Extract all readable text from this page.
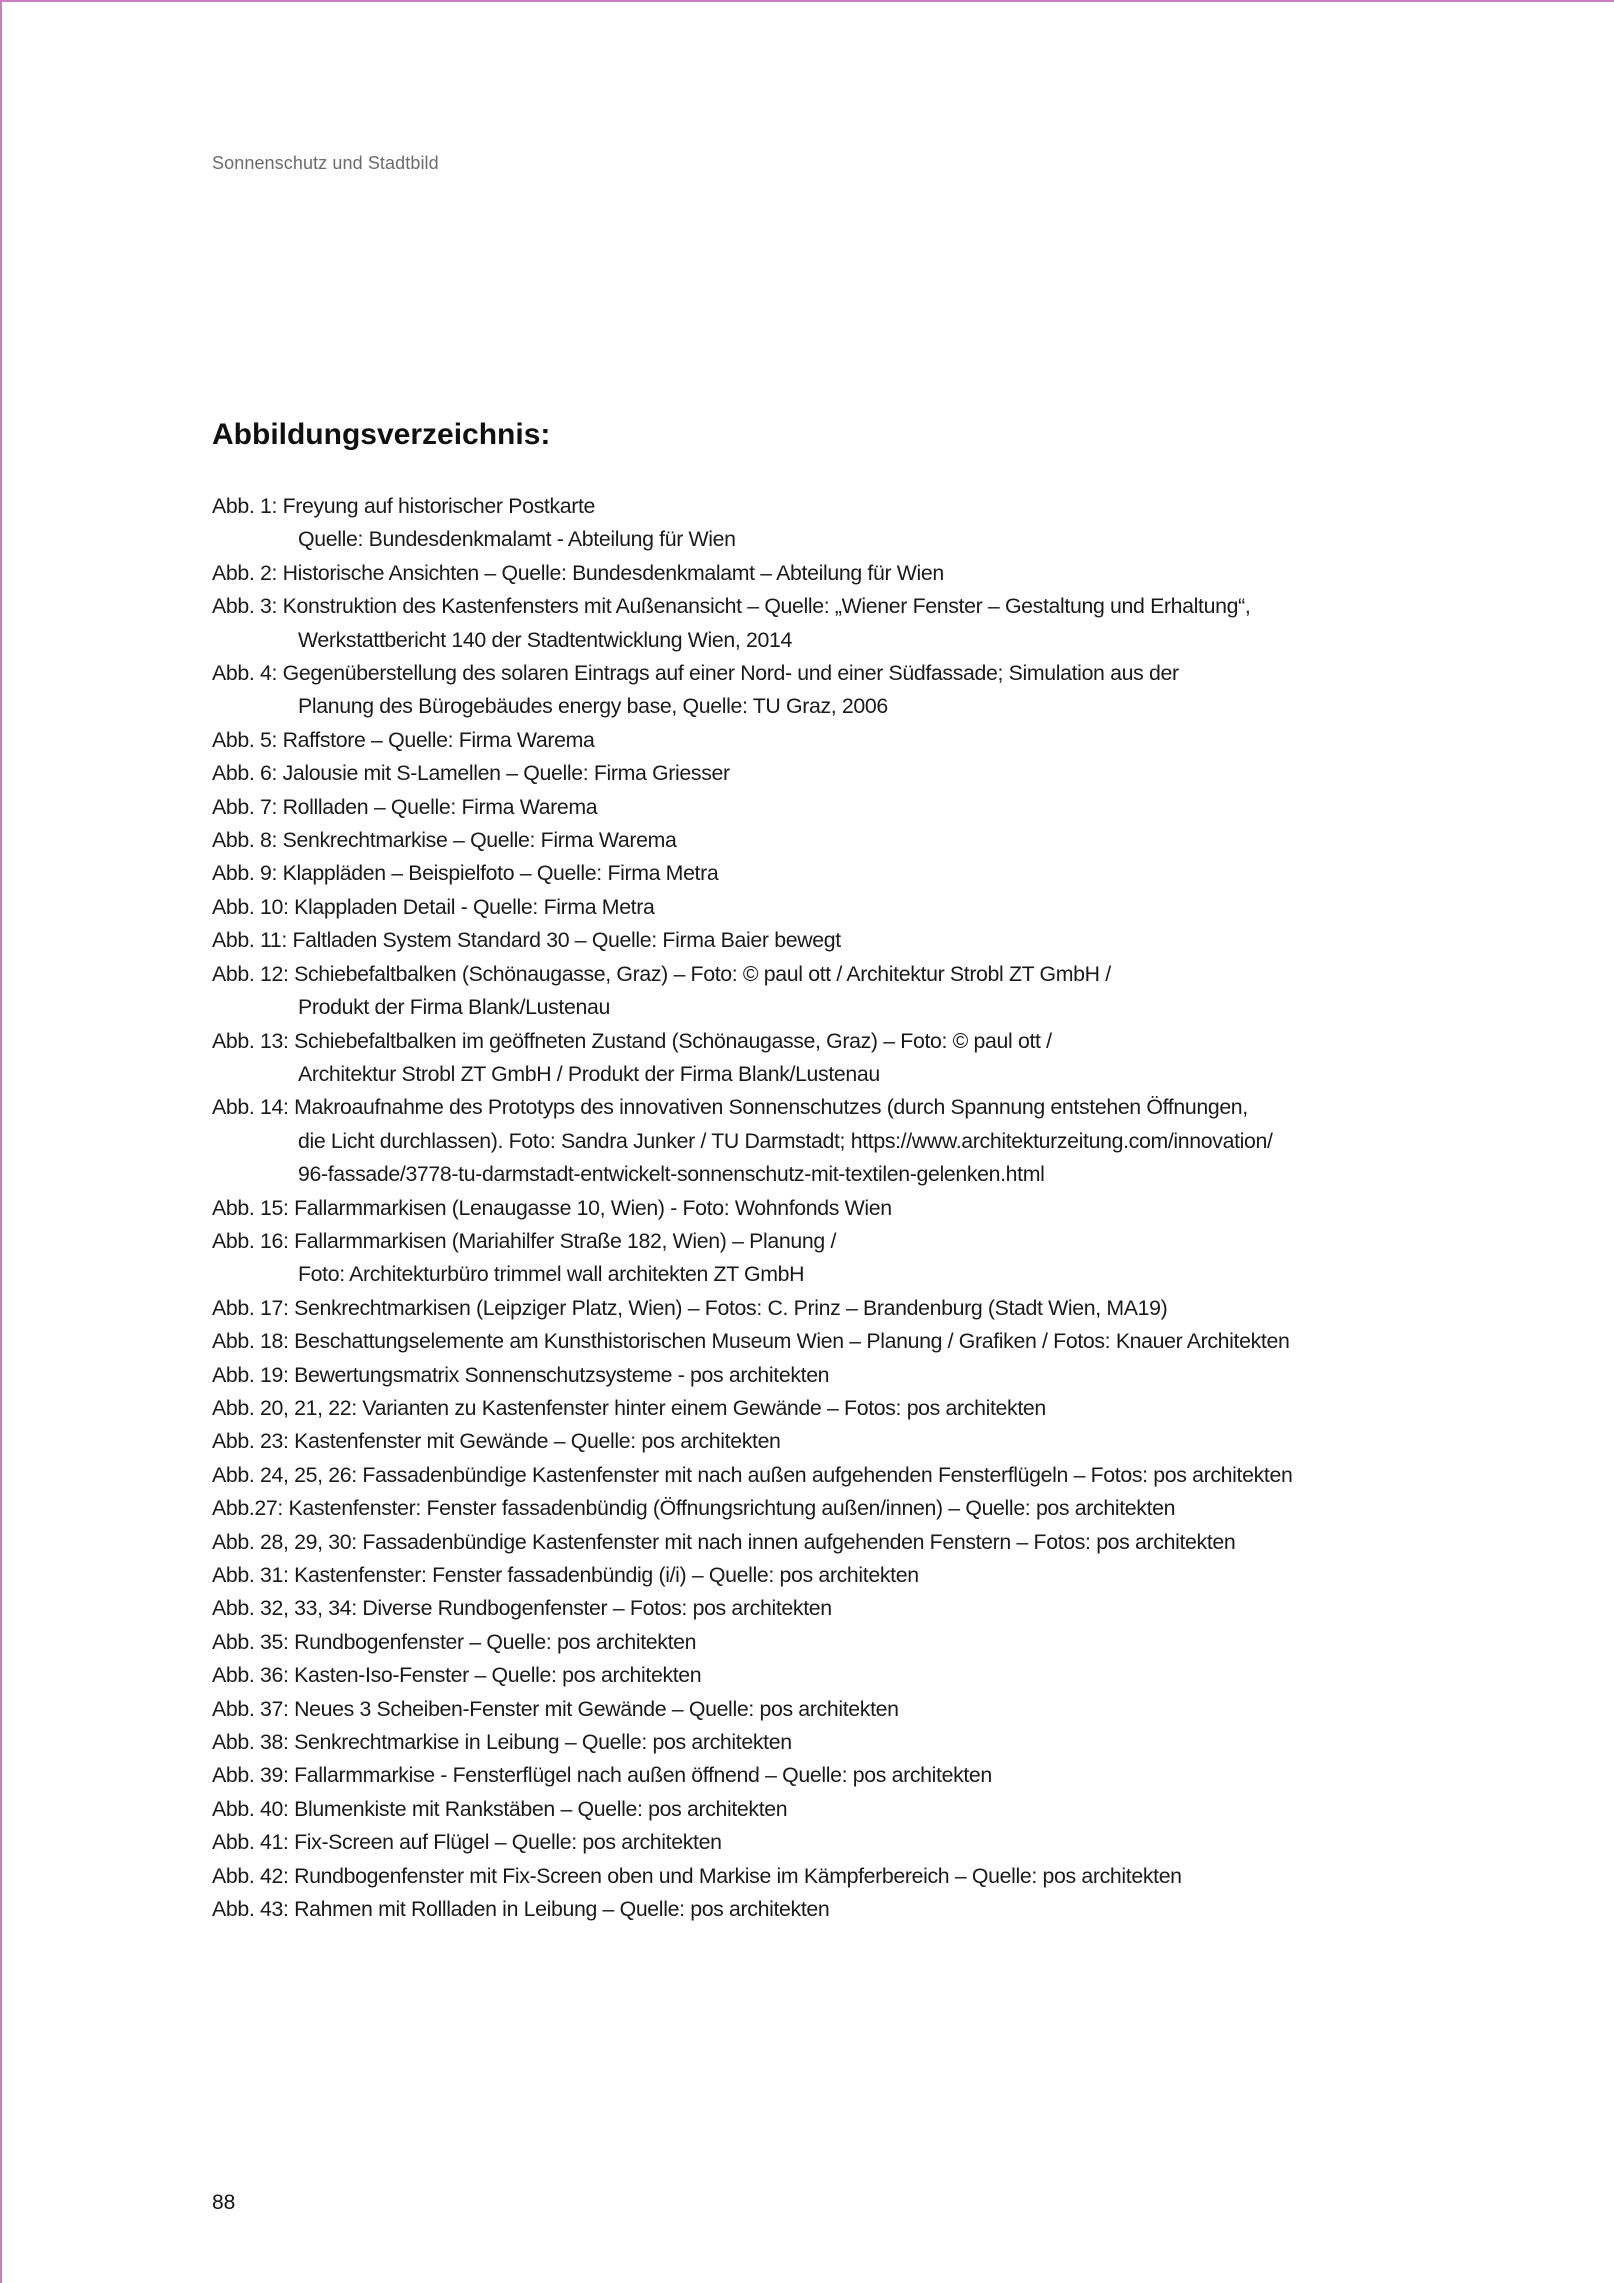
Sonnenschutz und Stadtbild
Abbildungsverzeichnis:
Abb. 1: Freyung auf historischer Postkarte
Quelle: Bundesdenkmalamt - Abteilung für Wien
Abb. 2: Historische Ansichten – Quelle: Bundesdenkmalamt – Abteilung für Wien
Abb. 3: Konstruktion des Kastenfensters mit Außenansicht – Quelle: „Wiener Fenster – Gestaltung und Erhaltung“,
Werkstattbericht 140 der Stadtentwicklung Wien, 2014
Abb. 4: Gegenüberstellung des solaren Eintrags auf einer Nord- und einer Südfassade; Simulation aus der
Planung des Bürogebäudes energy base, Quelle: TU Graz, 2006
Abb. 5: Raffstore – Quelle: Firma Warema
Abb. 6: Jalousie mit S-Lamellen – Quelle: Firma Griesser
Abb. 7: Rollladen – Quelle: Firma Warema
Abb. 8: Senkrechtmarkise – Quelle: Firma Warema
Abb. 9: Klappläden – Beispielfoto – Quelle: Firma Metra
Abb. 10: Klappladen Detail - Quelle: Firma Metra
Abb. 11: Faltladen System Standard 30 – Quelle: Firma Baier bewegt
Abb. 12: Schiebefaltbalken (Schönaugasse, Graz) – Foto: © paul ott / Architektur Strobl ZT GmbH /
Produkt der Firma Blank/Lustenau
Abb. 13: Schiebefaltbalken im geöffneten Zustand (Schönaugasse, Graz) – Foto: © paul ott /
Architektur Strobl ZT GmbH / Produkt der Firma Blank/Lustenau
Abb. 14: Makroaufnahme des Prototyps des innovativen Sonnenschutzes (durch Spannung entstehen Öffnungen,
die Licht durchlassen). Foto: Sandra Junker / TU Darmstadt; https://www.architekturzeitung.com/innovation/
96-fassade/3778-tu-darmstadt-entwickelt-sonnenschutz-mit-textilen-gelenken.html
Abb. 15: Fallarmmarkisen (Lenaugasse 10, Wien) - Foto: Wohnfonds Wien
Abb. 16: Fallarmmarkisen (Mariahilfer Straße 182, Wien) – Planung /
Foto: Architekturbüro trimmel wall architekten ZT GmbH
Abb. 17: Senkrechtmarkisen (Leipziger Platz, Wien) – Fotos: C. Prinz – Brandenburg (Stadt Wien, MA19)
Abb. 18: Beschattungselemente am Kunsthistorischen Museum Wien – Planung / Grafiken / Fotos: Knauer Architekten
Abb. 19: Bewertungsmatrix Sonnenschutzsysteme - pos architekten
Abb. 20, 21, 22: Varianten zu Kastenfenster hinter einem Gewände – Fotos: pos architekten
Abb. 23: Kastenfenster mit Gewände – Quelle: pos architekten
Abb. 24, 25, 26: Fassadenbündige Kastenfenster mit nach außen aufgehenden Fensterflügeln – Fotos: pos architekten
Abb.27: Kastenfenster: Fenster fassadenbündig (Öffnungsrichtung außen/innen) – Quelle: pos architekten
Abb. 28, 29, 30: Fassadenbündige Kastenfenster mit nach innen aufgehenden Fenstern – Fotos: pos architekten
Abb. 31: Kastenfenster: Fenster fassadenbündig (i/i) – Quelle: pos architekten
Abb. 32, 33, 34: Diverse Rundbogenfenster – Fotos: pos architekten
Abb. 35: Rundbogenfenster – Quelle: pos architekten
Abb. 36: Kasten-Iso-Fenster – Quelle: pos architekten
Abb. 37: Neues 3 Scheiben-Fenster mit Gewände – Quelle: pos architekten
Abb. 38: Senkrechtmarkise in Leibung – Quelle: pos architekten
Abb. 39: Fallarmmarkise - Fensterflügel nach außen öffnend – Quelle: pos architekten
Abb. 40: Blumenkiste mit Rankstäben – Quelle: pos architekten
Abb. 41: Fix-Screen auf Flügel – Quelle: pos architekten
Abb. 42: Rundbogenfenster mit Fix-Screen oben und Markise im Kämpferbereich – Quelle: pos architekten
Abb. 43: Rahmen mit Rollladen in Leibung – Quelle: pos architekten
88
